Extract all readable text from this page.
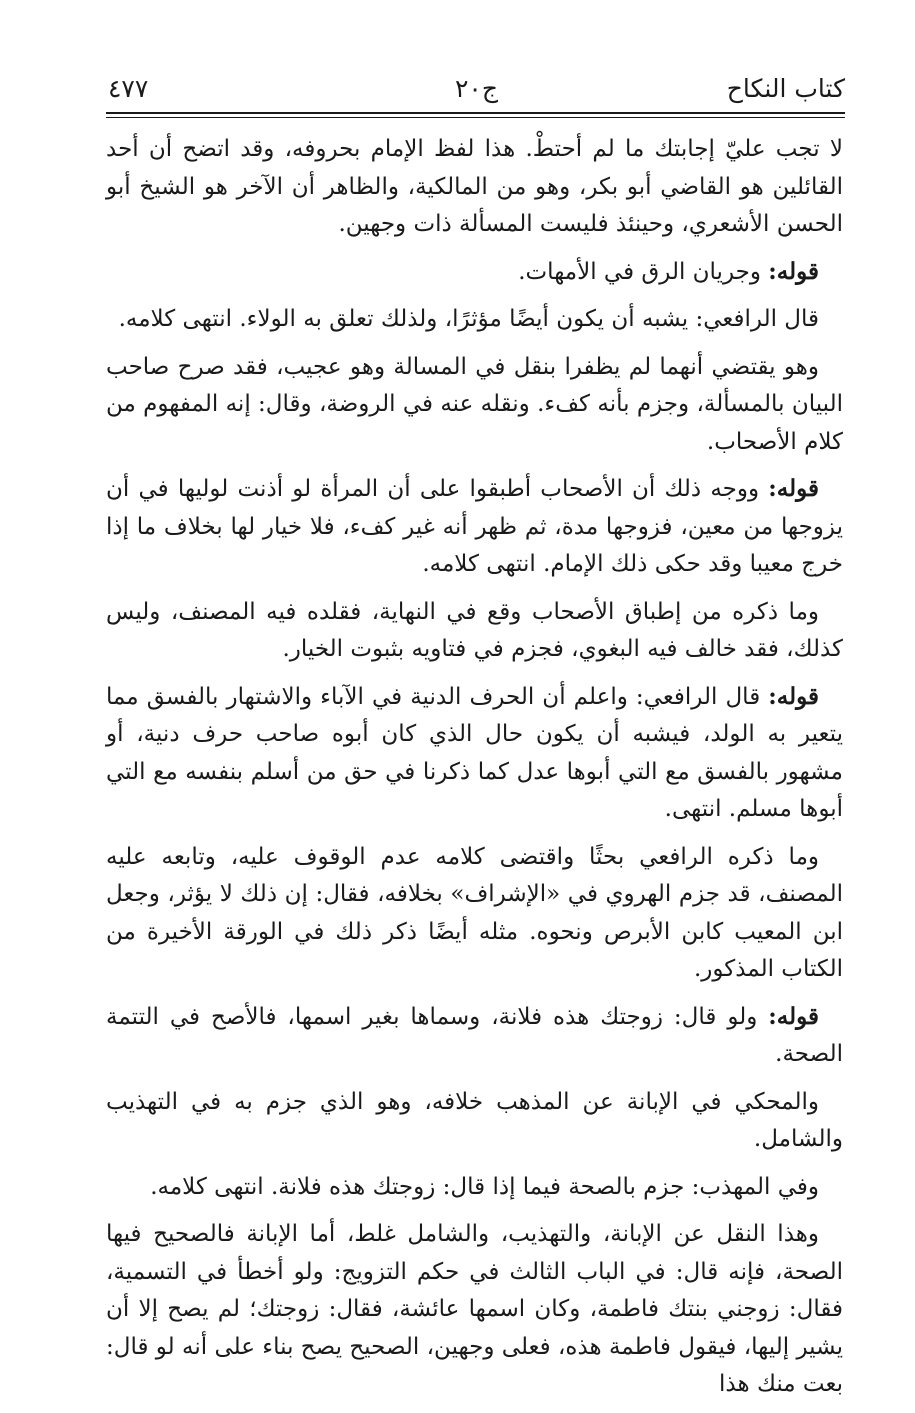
كتاب النكاح
ج٢٠
٤٧٧

لا تجب عليّ إجابتك ما لم أحتطْ. هذا لفظ الإمام بحروفه، وقد اتضح أن أحد القائلين هو القاضي أبو بكر، وهو من المالكية، والظاهر أن الآخر هو الشيخ أبو الحسن الأشعري، وحينئذ فليست المسألة ذات وجهين.

قوله: وجريان الرق في الأمهات.

قال الرافعي: يشبه أن يكون أيضًا مؤثرًا، ولذلك تعلق به الولاء. انتهى كلامه.

وهو يقتضي أنهما لم يظفرا بنقل في المسالة وهو عجيب، فقد صرح صاحب البيان بالمسألة، وجزم بأنه كفء. ونقله عنه في الروضة، وقال: إنه المفهوم من كلام الأصحاب.

قوله: ووجه ذلك أن الأصحاب أطبقوا على أن المرأة لو أذنت لوليها في أن يزوجها من معين، فزوجها مدة، ثم ظهر أنه غير كفء، فلا خيار لها بخلاف ما إذا خرج معيبا وقد حكى ذلك الإمام. انتهى كلامه.

وما ذكره من إطباق الأصحاب وقع في النهاية، فقلده فيه المصنف، وليس كذلك، فقد خالف فيه البغوي، فجزم في فتاويه بثبوت الخيار.

قوله: قال الرافعي: واعلم أن الحرف الدنية في الآباء والاشتهار بالفسق مما يتعير به الولد، فيشبه أن يكون حال الذي كان أبوه صاحب حرف دنية، أو مشهور بالفسق مع التي أبوها عدل كما ذكرنا في حق من أسلم بنفسه مع التي أبوها مسلم. انتهى.

وما ذكره الرافعي بحثًا واقتضى كلامه عدم الوقوف عليه، وتابعه عليه المصنف، قد جزم الهروي في «الإشراف» بخلافه، فقال: إن ذلك لا يؤثر، وجعل ابن المعيب كابن الأبرص ونحوه. مثله أيضًا ذكر ذلك في الورقة الأخيرة من الكتاب المذكور.

قوله: ولو قال: زوجتك هذه فلانة، وسماها بغير اسمها، فالأصح في التتمة الصحة.

والمحكي في الإبانة عن المذهب خلافه، وهو الذي جزم به في التهذيب والشامل.

وفي المهذب: جزم بالصحة فيما إذا قال: زوجتك هذه فلانة. انتهى كلامه.

وهذا النقل عن الإبانة، والتهذيب، والشامل غلط، أما الإبانة فالصحيح فيها الصحة، فإنه قال: في الباب الثالث في حكم التزويج: ولو أخطأ في التسمية، فقال: زوجني بنتك فاطمة، وكان اسمها عائشة، فقال: زوجتك؛ لم يصح إلا أن يشير إليها، فيقول فاطمة هذه، فعلى وجهين، الصحيح يصح بناء على أنه لو قال: بعت منك هذا
